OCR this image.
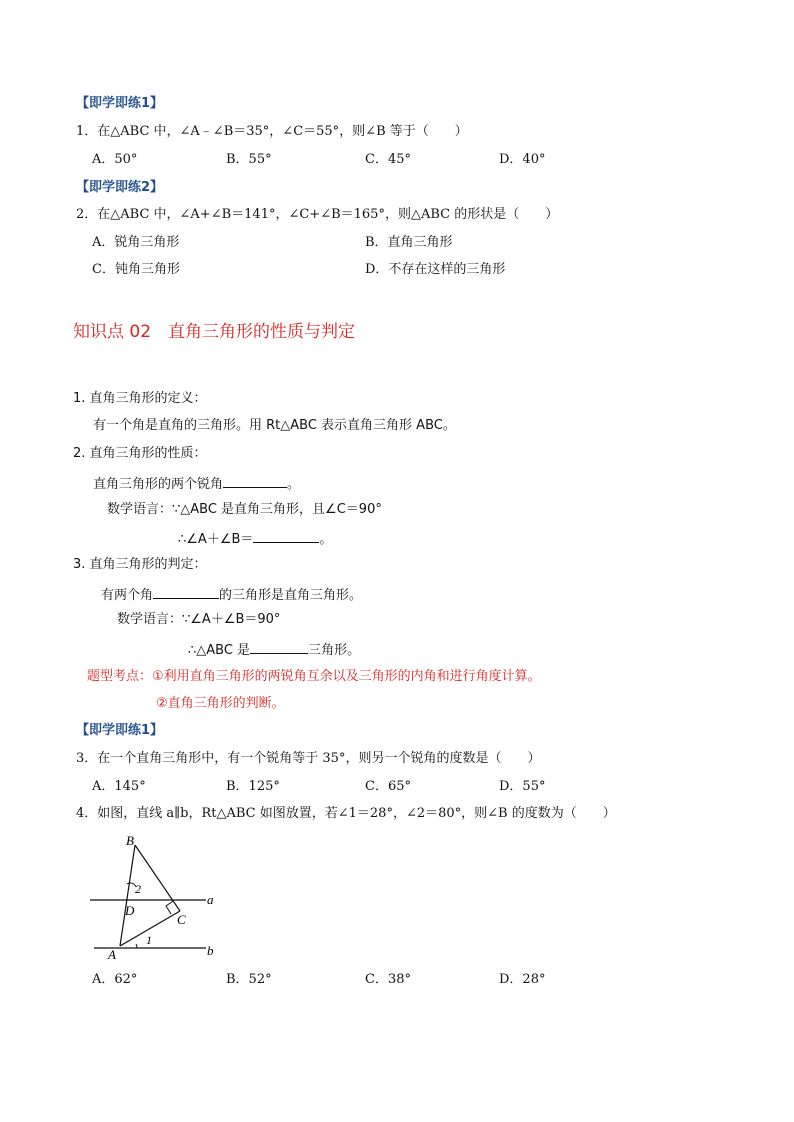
【即学即练1】
1．在△ABC 中，∠A﹣∠B＝35°，∠C＝55°，则∠B 等于（　　）
A．50°	B．55°	C．45°	D．40°
【即学即练2】
2．在△ABC 中，∠A+∠B＝141°，∠C+∠B＝165°，则△ABC 的形状是（　　）
A．锐角三角形	B．直角三角形
C．钝角三角形	D．不存在这样的三角形
知识点 02　直角三角形的性质与判定
1. 直角三角形的定义：
有一个角是直角的三角形。用 Rt△ABC 表示直角三角形 ABC。
2. 直角三角形的性质：
直角三角形的两个锐角	。
数学语言：∵△ABC 是直角三角形，且∠C＝90°
∴∠A＋∠B＝	。
3. 直角三角形的判定：
有两个角	的三角形是直角三角形。
数学语言：∵∠A＋∠B＝90°
∴△ABC 是	三角形。
题型考点：①利用直角三角形的两锐角互余以及三角形的内角和进行角度计算。
②直角三角形的判断。
【即学即练1】
3．在一个直角三角形中，有一个锐角等于 35°，则另一个锐角的度数是（　　）
A．145°	B．125°	C．65°	D．55°
4．如图，直线 a∥b，Rt△ABC 如图放置，若∠1＝28°，∠2＝80°，则∠B 的度数为（　　）
B
2
a
D
C
1
A	b
A．62°	B．52°	C．38°	D．28°
